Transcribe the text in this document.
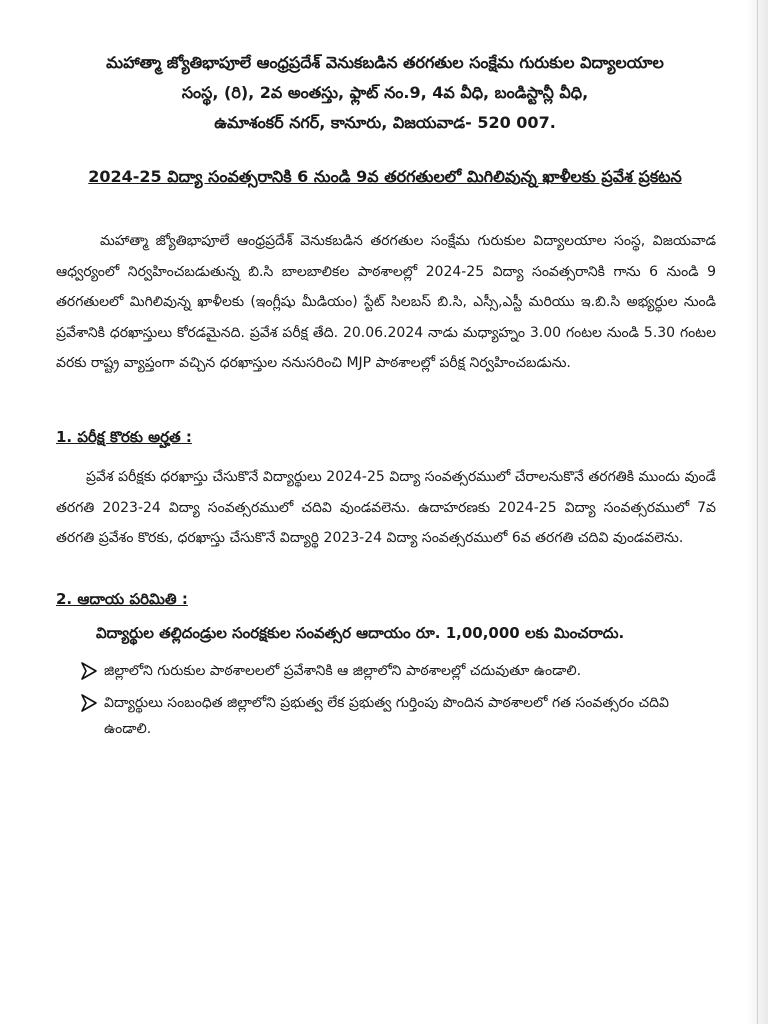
మహాత్మా జ్యోతిభాపూలే ఆంధ్రప్రదేశ్ వెనుకబడిన తరగతుల సంక్షేమ గురుకుల విద్యాలయాల
సంస్థ, (రి), 2వ అంతస్తు, ఫ్లాట్ నం.9, 4వ వీధి, బండిస్టాన్లీ వీధి,
ఉమాశంకర్ నగర్, కానూరు, విజయవాడ- 520 007.
2024-25 విద్యా సంవత్సరానికి 6 నుండి 9వ తరగతులలో మిగిలివున్న ఖాళీలకు ప్రవేశ ప్రకటన
మహాత్మా జ్యోతిభాపూలే ఆంధ్రప్రదేశ్ వెనుకబడిన తరగతుల సంక్షేమ గురుకుల విద్యాలయాల సంస్థ, విజయవాడ ఆధ్వర్యంలో నిర్వహించబడుతున్న బి.సి బాలబాలికల పాఠశాలల్లో 2024-25 విద్యా సంవత్సరానికి గాను 6 నుండి 9 తరగతులలో మిగిలివున్న ఖాళీలకు (ఇంగ్లీషు మీడియం) స్టేట్ సిలబస్ బి.సి, ఎస్సీ,ఎస్టీ మరియు ఇ.బి.సి అభ్యర్ధుల నుండి ప్రవేశానికి ధరఖాస్తులు కోరడమైనది. ప్రవేశ పరీక్ష తేది. 20.06.2024 నాడు మధ్యాహ్నం 3.00 గంటల నుండి 5.30 గంటల వరకు రాష్ట్ర వ్యాప్తంగా వచ్చిన ధరఖాస్తుల ననుసరించి MJP పాఠశాలల్లో పరీక్ష నిర్వహించబడును.
1. పరీక్ష కొరకు అర్హత :
ప్రవేశ పరీక్షకు ధరఖాస్తు చేసుకొనే విద్యార్థులు 2024-25 విద్యా సంవత్సరములో చేరాలనుకొనే తరగతికి ముందు వుండే తరగతి 2023-24 విద్యా సంవత్సరములో చదివి వుండవలెను. ఉదాహరణకు 2024-25 విద్యా సంవత్సరములో 7వ తరగతి ప్రవేశం కొరకు, ధరఖాస్తు చేసుకొనే విద్యార్థి 2023-24 విద్యా సంవత్సరములో 6వ తరగతి చదివి వుండవలెను.
2. ఆదాయ పరిమితి :
విద్యార్థుల తల్లిదండ్రుల సంరక్షకుల సంవత్సర ఆదాయం రూ. 1,00,000 లకు మించరాదు.
జిల్లాలోని గురుకుల పాఠశాలలలో ప్రవేశానికి ఆ జిల్లాలోని పాఠశాలల్లో చదువుతూ ఉండాలి.
విద్యార్థులు సంబంధిత జిల్లాలోని ప్రభుత్వ లేక ప్రభుత్వ గుర్తింపు పొందిన పాఠశాలలో గత సంవత్సరం చదివి ఉండాలి.
